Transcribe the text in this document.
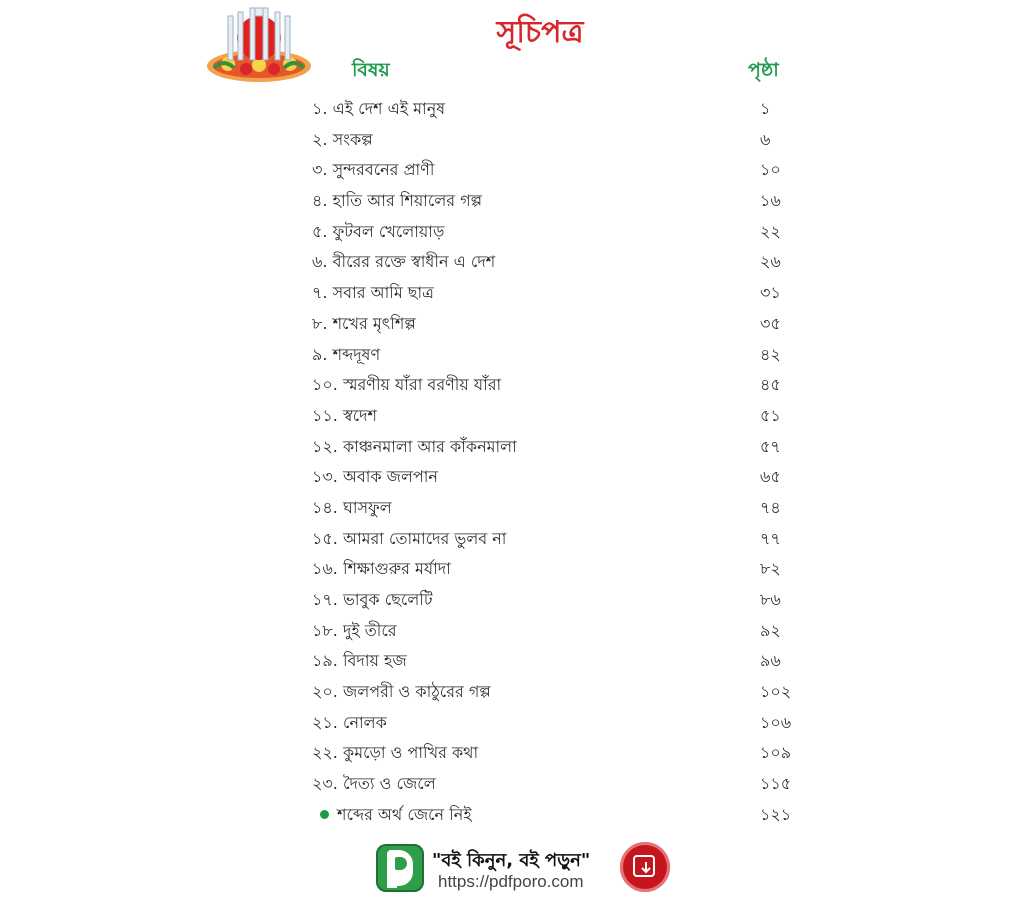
সূচিপত্র
বিষয়	পৃষ্ঠা
১. এই দেশ এই মানুষ	১
২. সংকল্প	৬
৩. সুন্দরবনের প্রাণী	১০
৪. হাতি আর শিয়ালের গল্প	১৬
৫. ফুটবল খেলোয়াড়	২২
৬. বীরের রক্তে স্বাধীন এ দেশ	২৬
৭. সবার আমি ছাত্র	৩১
৮. শখের মৃৎশিল্প	৩৫
৯. শব্দদূষণ	৪২
১০. স্মরণীয় যাঁরা বরণীয় যাঁরা	৪৫
১১. স্বদেশ	৫১
১২. কাঞ্চনমালা আর কাঁকনমালা	৫৭
১৩. অবাক জলপান	৬৫
১৪. ঘাসফুল	৭৪
১৫. আমরা তোমাদের ভুলব না	৭৭
১৬. শিক্ষাগুরুর মর্যাদা	৮২
১৭. ভাবুক ছেলেটি	৮৬
১৮. দুই তীরে	৯২
১৯. বিদায় হজ	৯৬
২০. জলপরী ও কাঠুরের গল্প	১০২
২১. নোলক	১০৬
২২. কুমড়ো ও পাখির কথা	১০৯
২৩. দৈত্য ও জেলে	১১৫
শব্দের অর্থ জেনে নিই	১২১
"বই কিনুন, বই পড়ুন"
https://pdfporo.com
